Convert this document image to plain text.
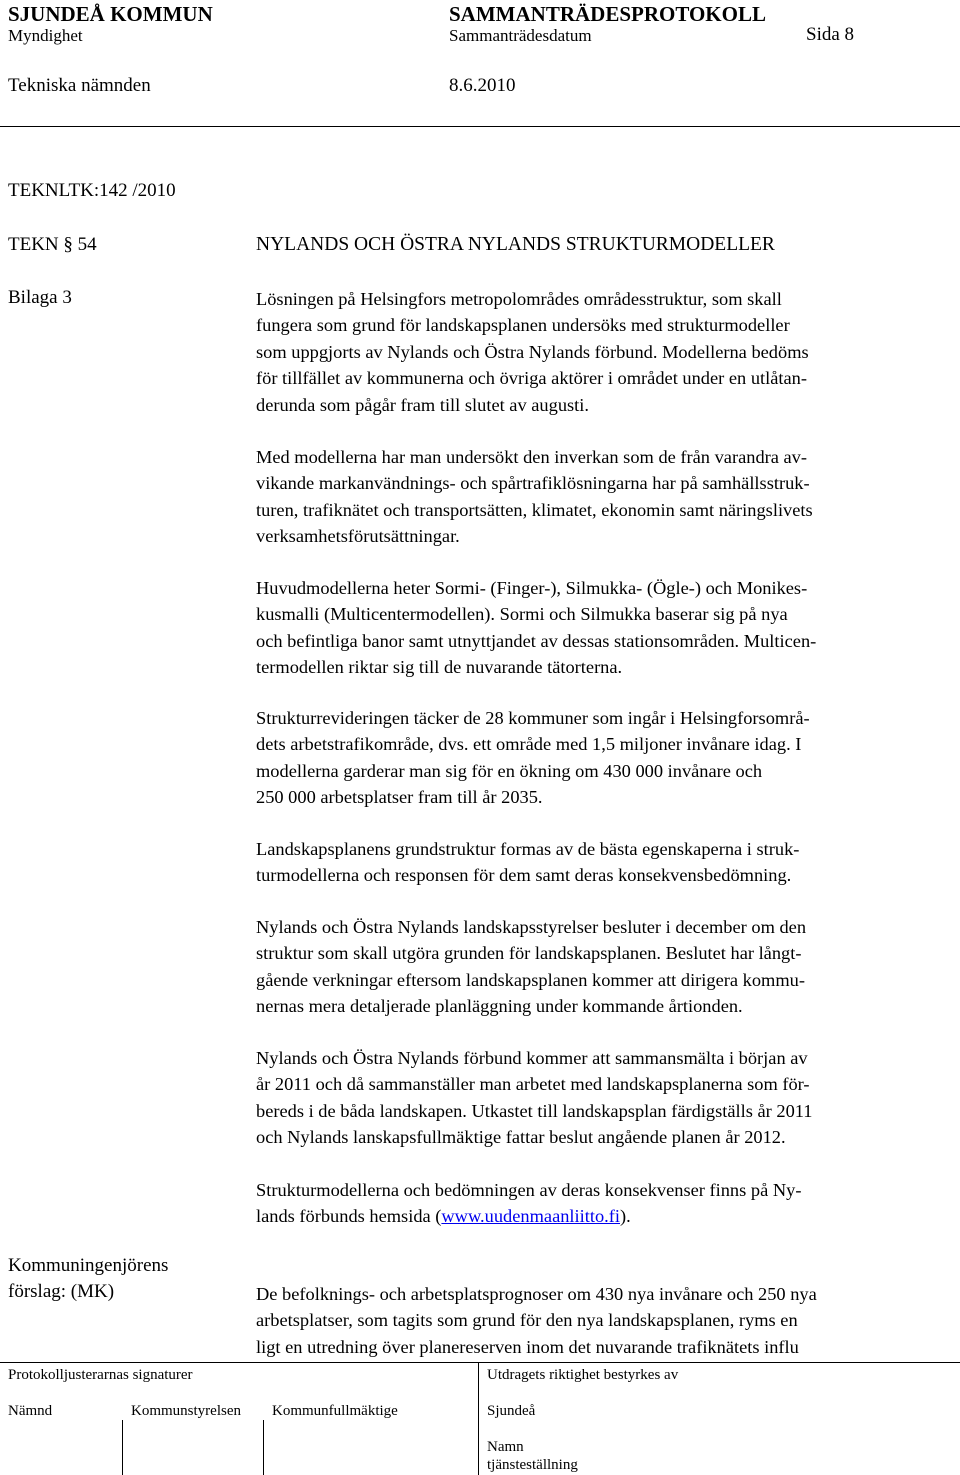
SJUNDEÅ KOMMUN	SAMMANTRÄDESPROTOKOLL
Myndighet	Sammanträdesdatum	Sida 8
Tekniska nämnden	8.6.2010
TEKNLTK:142 /2010
TEKN § 54	NYLANDS OCH ÖSTRA NYLANDS STRUKTURMODELLER
Bilaga 3	Lösningen på Helsingfors metropolområdes områdesstruktur, som skall
fungera som grund för landskapsplanen undersöks med strukturmodeller
som uppgjorts av Nylands och Östra Nylands förbund. Modellerna bedöms
för tillfället av kommunerna och övriga aktörer i området under en utlåtan-
derunda som pågår fram till slutet av augusti.
Med modellerna har man undersökt den inverkan som de från varandra av-
vikande markanvändnings- och spårtrafiklösningarna har på samhällsstruk-
turen, trafiknätet och transportsätten, klimatet, ekonomin samt näringslivets
verksamhetsförutsättningar.
Huvudmodellerna heter Sormi- (Finger-), Silmukka- (Ögle-) och Monikes-
kusmalli (Multicentermodellen). Sormi och Silmukka baserar sig på nya
och befintliga banor samt utnyttjandet av dessas stationsområden. Multicen-
termodellen riktar sig till de nuvarande tätorterna.
Strukturrevideringen täcker de 28 kommuner som ingår i Helsingforsområ-
dets arbetstrafikområde, dvs. ett område med 1,5 miljoner invånare idag. I
modellerna garderar man sig för en ökning om 430 000 invånare och
250 000 arbetsplatser fram till år 2035.
Landskapsplanens grundstruktur formas av de bästa egenskaperna i struk-
turmodellerna och responsen för dem samt deras konsekvensbedömning.
Nylands och Östra Nylands landskapsstyrelser besluter i december om den
struktur som skall utgöra grunden för landskapsplanen. Beslutet har långt-
gående verkningar eftersom landskapsplanen kommer att dirigera kommu-
nernas mera detaljerade planläggning under kommande årtionden.
Nylands och Östra Nylands förbund kommer att sammansmälta i början av
år 2011 och då sammanställer man arbetet med landskapsplanerna som för-
bereds i de båda landskapen. Utkastet till landskapsplan färdigställs år 2011
och Nylands lanskapsfullmäktige fattar beslut angående planen år 2012.
Strukturmodellerna och bedömningen av deras konsekvenser finns på Ny-
lands förbunds hemsida (www.uudenmaanliitto.fi).
Kommuningenjörens
förslag: (MK)	De befolknings- och arbetsplatsprognoser om 430 nya invånare och 250 nya
arbetsplatser, som tagits som grund för den nya landskapsplanen, ryms en
ligt en utredning över planereserven inom det nuvarande trafiknätets influ
Protokolljusterarnas signaturer	Utdragets riktighet bestyrkes av
Nämnd	Kommunstyrelsen Kommunfullmäktige	Sjundeå
Namn
tjänsteställning
